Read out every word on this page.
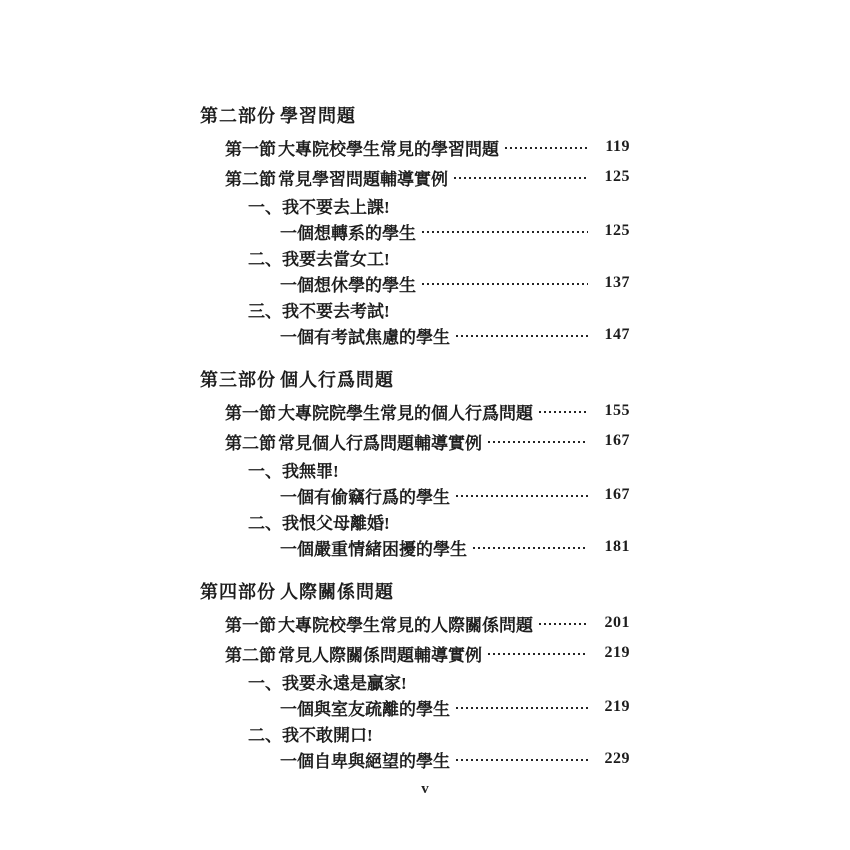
第二部份 學習問題
第一節 大專院校學生常見的學習問題	119
第二節 常見學習問題輔導實例	125
一、我不要去上課!
一個想轉系的學生	125
二、我要去當女工!
一個想休學的學生	137
三、我不要去考試!
一個有考試焦慮的學生	147
第三部份 個人行爲問題
第一節 大專院院學生常見的個人行爲問題	155
第二節 常見個人行爲問題輔導實例	167
一、我無罪!
一個有偷竊行爲的學生	167
二、我恨父母離婚!
一個嚴重情緒困擾的學生	181
第四部份 人際關係問題
第一節 大專院校學生常見的人際關係問題	201
第二節 常見人際關係問題輔導實例	219
一、我要永遠是贏家!
一個與室友疏離的學生	219
二、我不敢開口!
一個自卑與絕望的學生	229
v
